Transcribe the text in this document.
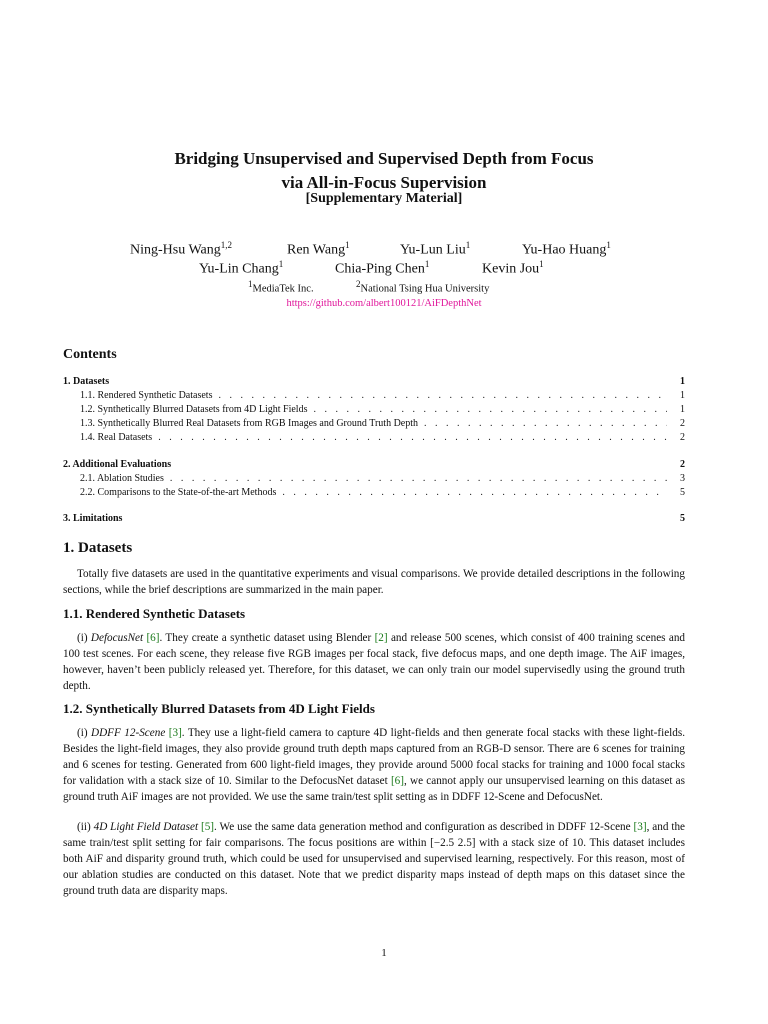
Bridging Unsupervised and Supervised Depth from Focus
via All-in-Focus Supervision
[Supplementary Material]
Ning-Hsu Wang$^{1,2}$	Ren Wang$^1$	Yu-Lun Liu$^1$	Yu-Hao Huang$^1$
Yu-Lin Chang$^1$	Chia-Ping Chen$^1$	Kevin Jou$^1$
$^1$MediaTek Inc.	$^2$National Tsing Hua University
https://github.com/albert100121/AiFDepthNet
Contents
1. Datasets	1
1.1. Rendered Synthetic Datasets . . .	1
1.2. Synthetically Blurred Datasets from 4D Light Fields . . .	1
1.3. Synthetically Blurred Real Datasets from RGB Images and Ground Truth Depth . . .	2
1.4. Real Datasets . . .	2
2. Additional Evaluations	2
2.1. Ablation Studies . . .	3
2.2. Comparisons to the State-of-the-art Methods . . .	5
3. Limitations	5
1. Datasets
Totally five datasets are used in the quantitative experiments and visual comparisons. We provide detailed descriptions in the following sections, while the brief descriptions are summarized in the main paper.
1.1. Rendered Synthetic Datasets
(i) DefocusNet [6]. They create a synthetic dataset using Blender [2] and release 500 scenes, which consist of 400 training scenes and 100 test scenes. For each scene, they release five RGB images per focal stack, five defocus maps, and one depth image. The AiF images, however, haven’t been publicly released yet. Therefore, for this dataset, we can only train our model supervisedly using the ground truth depth.
1.2. Synthetically Blurred Datasets from 4D Light Fields
(i) DDFF 12-Scene [3]. They use a light-field camera to capture 4D light-fields and then generate focal stacks with these light-fields. Besides the light-field images, they also provide ground truth depth maps captured from an RGB-D sensor. There are 6 scenes for training and 6 scenes for testing. Generated from 600 light-field images, they provide around 5000 focal stacks for training and 1000 focal stacks for validation with a stack size of 10. Similar to the DefocusNet dataset [6], we cannot apply our unsupervised learning on this dataset as ground truth AiF images are not provided. We use the same train/test split setting as in DDFF 12-Scene and DefocusNet.
(ii) 4D Light Field Dataset [5]. We use the same data generation method and configuration as described in DDFF 12-Scene [3], and the same train/test split setting for fair comparisons. The focus positions are within [−2.5 2.5] with a stack size of 10. This dataset includes both AiF and disparity ground truth, which could be used for unsupervised and supervised learning, respectively. For this reason, most of our ablation studies are conducted on this dataset. Note that we predict disparity maps instead of depth maps on this dataset since the ground truth data are disparity maps.
1
